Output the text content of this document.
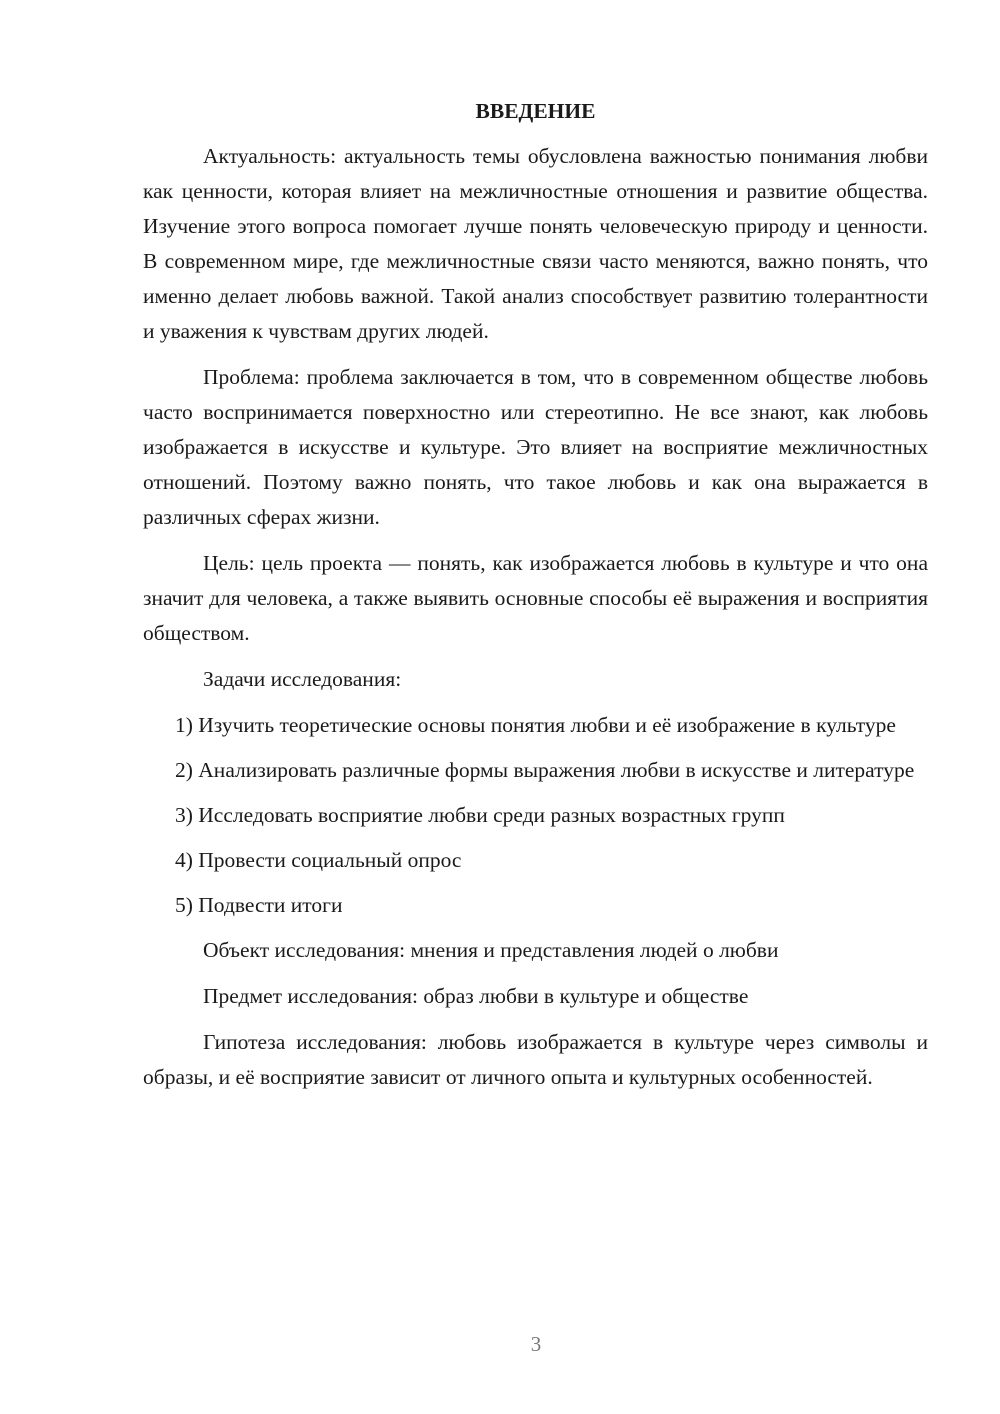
ВВЕДЕНИЕ

Актуальность: актуальность темы обусловлена важностью понимания любви как ценности, которая влияет на межличностные отношения и развитие общества. Изучение этого вопроса помогает лучше понять человеческую природу и ценности. В современном мире, где межличностные связи часто меняются, важно понять, что именно делает любовь важной. Такой анализ способствует развитию толерантности и уважения к чувствам других людей.

Проблема: проблема заключается в том, что в современном обществе любовь часто воспринимается поверхностно или стереотипно. Не все знают, как любовь изображается в искусстве и культуре. Это влияет на восприятие межличностных отношений. Поэтому важно понять, что такое любовь и как она выражается в различных сферах жизни.

Цель: цель проекта — понять, как изображается любовь в культуре и что она значит для человека, а также выявить основные способы её выражения и восприятия обществом.

Задачи исследования:

1) Изучить теоретические основы понятия любви и её изображение в культуре

2) Анализировать различные формы выражения любви в искусстве и литературе

3) Исследовать восприятие любви среди разных возрастных групп

4) Провести социальный опрос

5) Подвести итоги

Объект исследования: мнения и представления людей о любви

Предмет исследования: образ любви в культуре и обществе

Гипотеза исследования: любовь изображается в культуре через символы и образы, и её восприятие зависит от личного опыта и культурных особенностей.

3
